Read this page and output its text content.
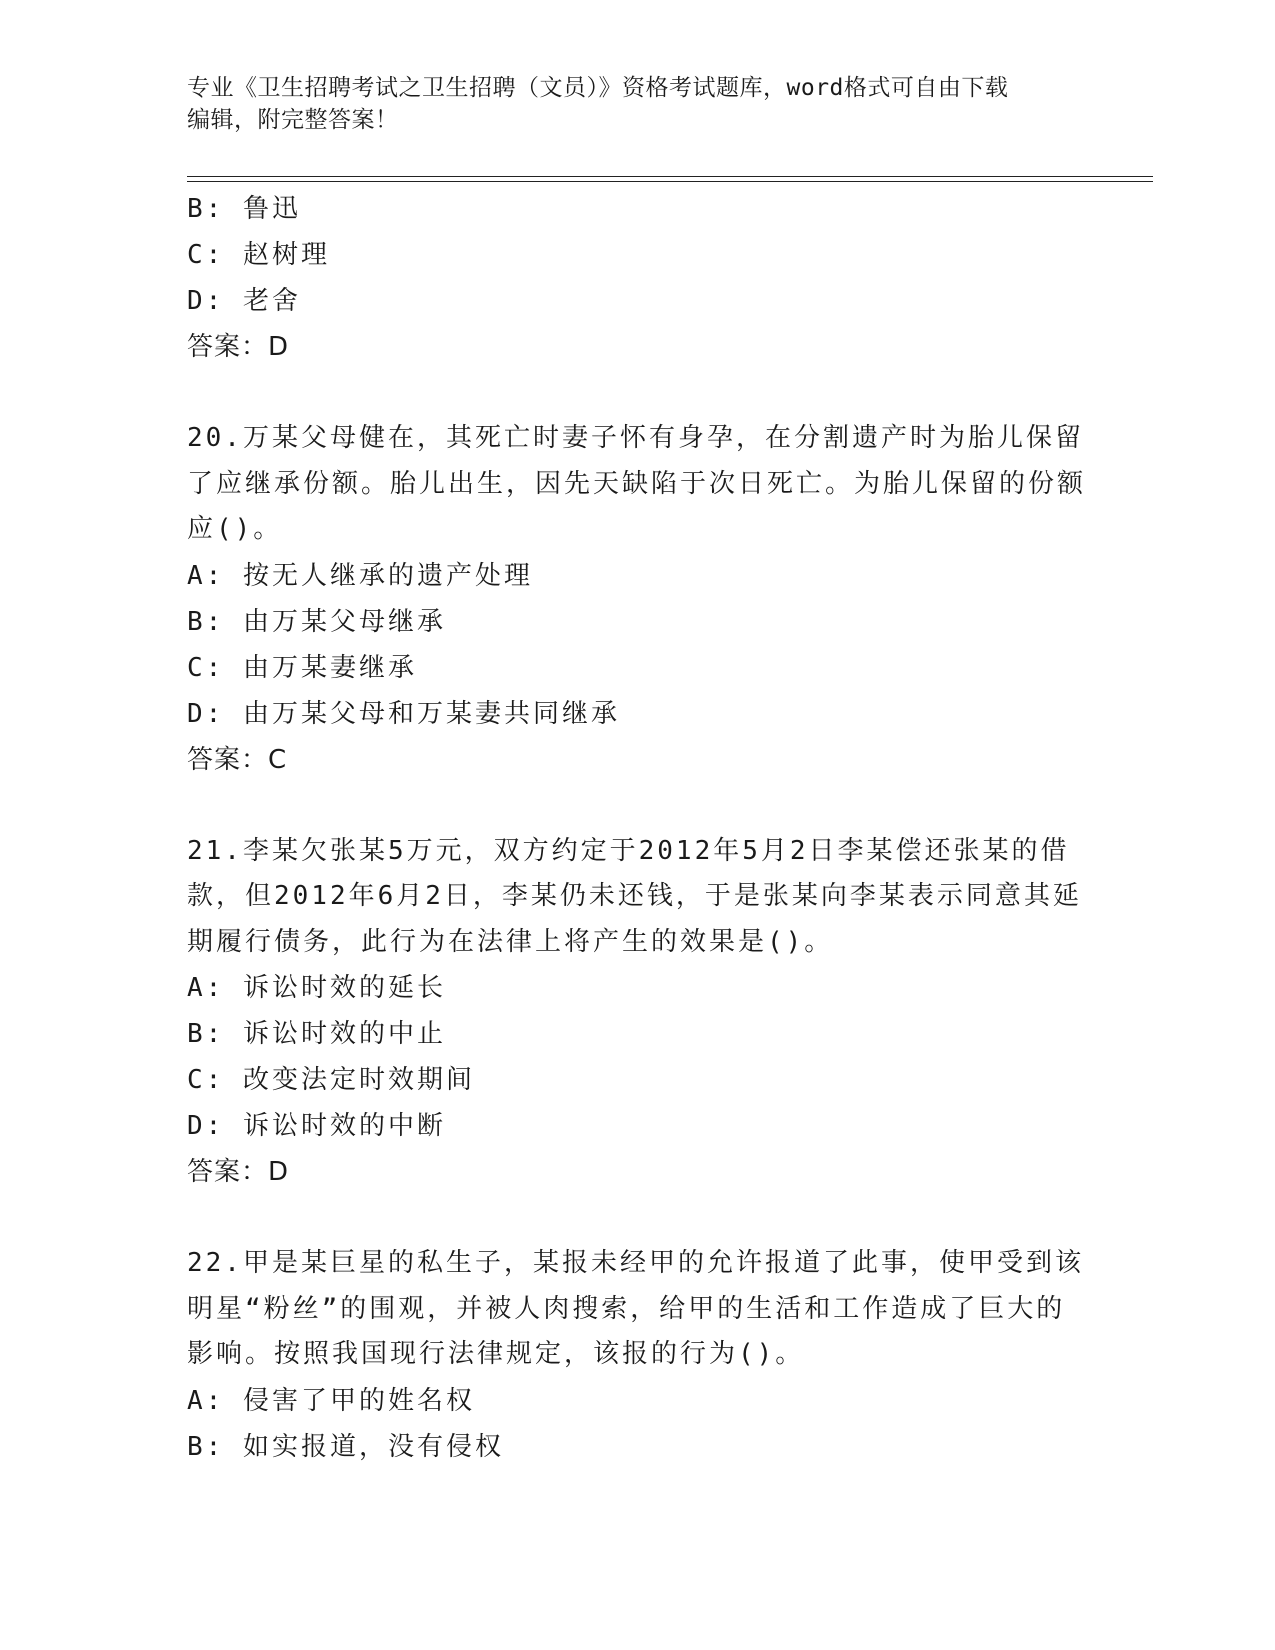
专业《卫生招聘考试之卫生招聘（文员）》资格考试题库，word格式可自由下载
编辑，附完整答案！
B: 鲁迅
C: 赵树理
D: 老舍
答案：D
20.万某父母健在，其死亡时妻子怀有身孕，在分割遗产时为胎儿保留了应继承份额。胎儿出生，因先天缺陷于次日死亡。为胎儿保留的份额应()。
A: 按无人继承的遗产处理
B: 由万某父母继承
C: 由万某妻继承
D: 由万某父母和万某妻共同继承
答案：C
21.李某欠张某5万元，双方约定于2012年5月2日李某偿还张某的借款，但2012年6月2日，李某仍未还钱，于是张某向李某表示同意其延期履行债务，此行为在法律上将产生的效果是()。
A: 诉讼时效的延长
B: 诉讼时效的中止
C: 改变法定时效期间
D: 诉讼时效的中断
答案：D
22.甲是某巨星的私生子，某报未经甲的允许报道了此事，使甲受到该明星“粉丝”的围观，并被人肉搜索，给甲的生活和工作造成了巨大的影响。按照我国现行法律规定，该报的行为()。
A: 侵害了甲的姓名权
B: 如实报道，没有侵权
